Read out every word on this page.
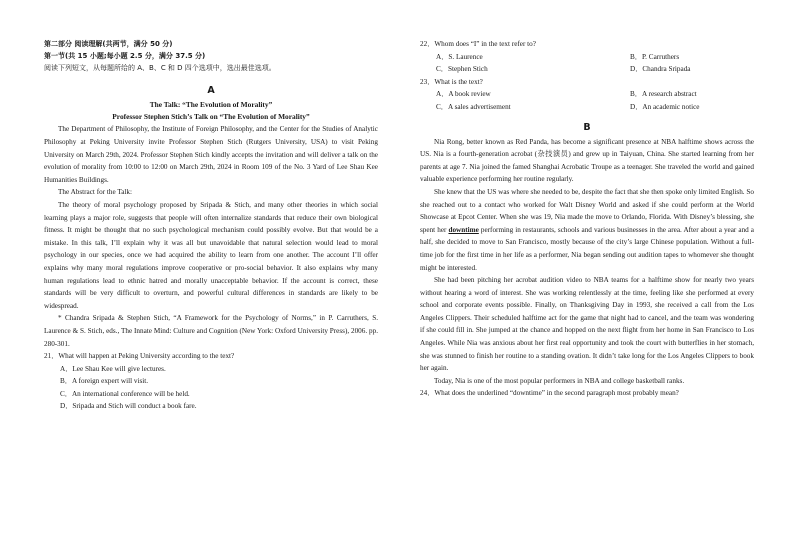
第二部分 阅读理解(共两节，满分 50 分)
第一节(共 15 小题;每小题 2.5 分，满分 37.5 分)
阅读下列短文，从每题所给的 A、B、C 和 D 四个选项中，选出最佳选项。
A
The Talk: “The Evolution of Morality”
Professor Stephen Stich’s Talk on “The Evolution of Morality”

The Department of Philosophy, the Institute of Foreign Philosophy, and the Center for the Studies of Analytic Philosophy at Peking University invite Professor Stephen Stich (Rutgers University, USA) to visit Peking University on March 29th, 2024. Professor Stephen Stich kindly accepts the invitation and will deliver a talk on the evolution of morality from 10:00 to 12:00 on March 29th, 2024 in Room 109 of the No. 3 Yard of Lee Shau Kee Humanities Buildings.

The Abstract for the Talk:

The theory of moral psychology proposed by Sripada & Stich, and many other theories in which social learning plays a major role, suggests that people will often internalize standards that reduce their own biological fitness. It might be thought that no such psychological mechanism could possibly evolve. But that would be a mistake. In this talk, I’ll explain why it was all but unavoidable that natural selection would lead to moral psychology in our species, once we had acquired the ability to learn from one another. The account I’ll offer explains why many moral regulations improve cooperative or pro-social behavior. It also explains why many human regulations lead to ethnic hatred and morally unacceptable behavior. If the account is correct, these standards will be very difficult to overturn, and powerful cultural differences in standards are likely to be widespread.

* Chandra Sripada & Stephen Stich, “A Framework for the Psychology of Norms,” in P. Carruthers, S. Laurence & S. Stich, eds., The Innate Mind: Culture and Cognition (New York: Oxford University Press), 2006. pp. 280-301.

21．What will happen at Peking University according to the text?

A．Lee Shau Kee will give lectures.

B．A foreign expert will visit.

C．An international conference will be held.

D．Sripada and Stich will conduct a book fare.

22．Whom does “I” in the text refer to?

A．S. Laurence	B．P. Carruthers
C．Stephen Stich	D．Chandra Sripada

23．What is the text?

A．A book review	B．A research abstract
C．A sales advertisement	D．An academic notice
B

Nia Rong, better known as Red Panda, has become a significant presence at NBA halftime shows across the US. Nia is a fourth-generation acrobat (杂技演员) and grew up in Taiyuan, China. She started learning from her parents at age 7. Nia joined the famed Shanghai Acrobatic Troupe as a teenager. She traveled the world and gained valuable experience performing her routine regularly.

She knew that the US was where she needed to be, despite the fact that she then spoke only limited English. So she reached out to a contact who worked for Walt Disney World and asked if she could perform at the World Showcase at Epcot Center. When she was 19, Nia made the move to Orlando, Florida. With Disney’s blessing, she spent her downtime performing in restaurants, schools and various businesses in the area. After about a year and a half, she decided to move to San Francisco, mostly because of the city’s large Chinese population. Without a full-time job for the first time in her life as a performer, Nia began sending out audition tapes to whomever she thought might be interested.

She had been pitching her acrobat audition video to NBA teams for a halftime show for nearly two years without hearing a word of interest. She was working relentlessly at the time, feeling like she performed at every school and corporate events possible. Finally, on Thanksgiving Day in 1993, she received a call from the Los Angeles Clippers. Their scheduled halftime act for the game that night had to cancel, and the team was wondering if she could fill in. She jumped at the chance and hopped on the next flight from her home in San Francisco to Los Angeles. While Nia was anxious about her first real opportunity and took the court with butterflies in her stomach, she was stunned to finish her routine to a standing ovation. It didn’t take long for the Los Angeles Clippers to book her again.

Today, Nia is one of the most popular performers in NBA and college basketball ranks.

24．What does the underlined “downtime” in the second paragraph most probably mean?
